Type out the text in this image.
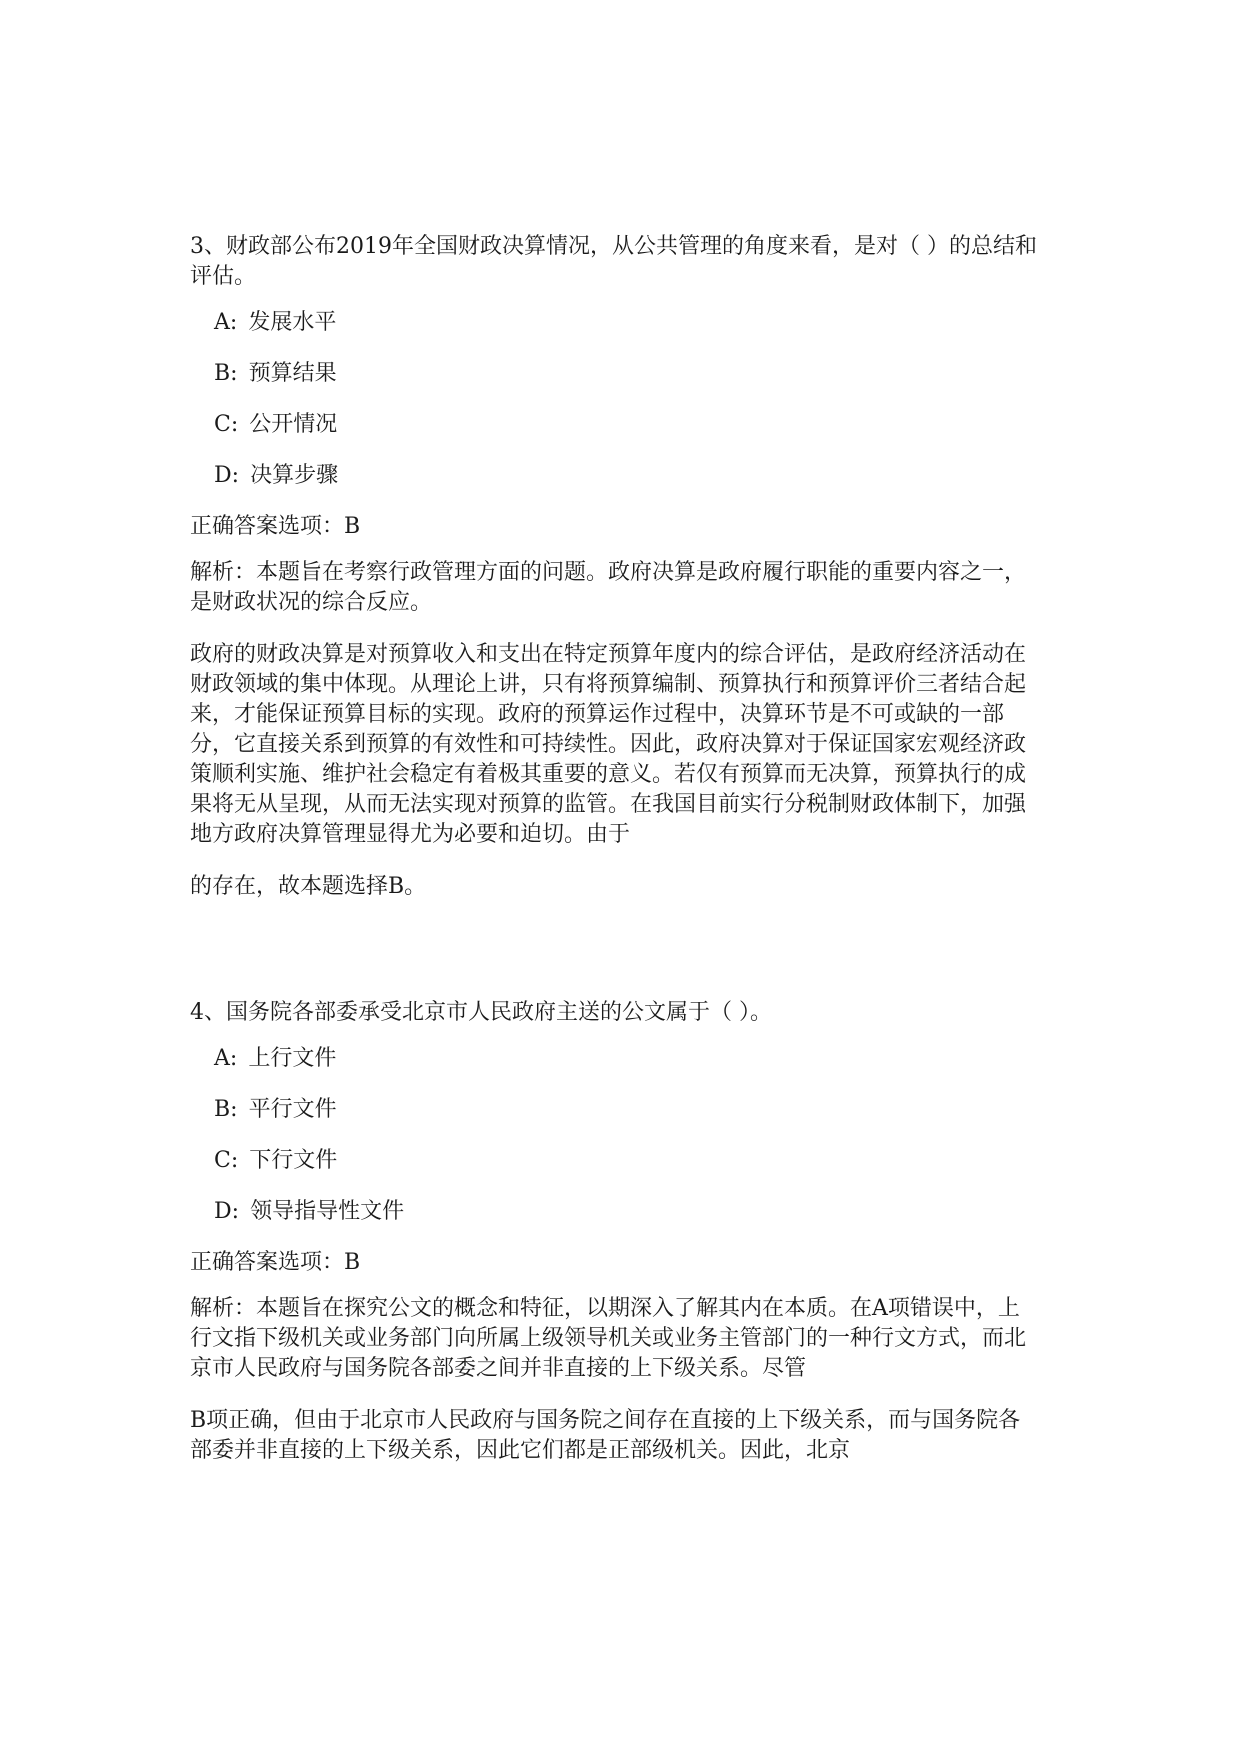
3、财政部公布2019年全国财政决算情况，从公共管理的角度来看，是对（ ）的总结和评估。

A: 发展水平
B: 预算结果
C: 公开情况
D: 决算步骤

正确答案选项：B

解析：本题旨在考察行政管理方面的问题。政府决算是政府履行职能的重要内容之一，是财政状况的综合反应。

政府的财政决算是对预算收入和支出在特定预算年度内的综合评估，是政府经济活动在财政领域的集中体现。从理论上讲，只有将预算编制、预算执行和预算评价三者结合起来，才能保证预算目标的实现。政府的预算运作过程中，决算环节是不可或缺的一部分，它直接关系到预算的有效性和可持续性。因此，政府决算对于保证国家宏观经济政策顺利实施、维护社会稳定有着极其重要的意义。若仅有预算而无决算，预算执行的成果将无从呈现，从而无法实现对预算的监管。在我国目前实行分税制财政体制下，加强地方政府决算管理显得尤为必要和迫切。由于

的存在，故本题选择B。

4、国务院各部委承受北京市人民政府主送的公文属于（ ）。

A: 上行文件
B: 平行文件
C: 下行文件
D: 领导指导性文件

正确答案选项：B

解析：本题旨在探究公文的概念和特征，以期深入了解其内在本质。在A项错误中，上行文指下级机关或业务部门向所属上级领导机关或业务主管部门的一种行文方式，而北京市人民政府与国务院各部委之间并非直接的上下级关系。尽管

B项正确，但由于北京市人民政府与国务院之间存在直接的上下级关系，而与国务院各部委并非直接的上下级关系，因此它们都是正部级机关。因此，北京
